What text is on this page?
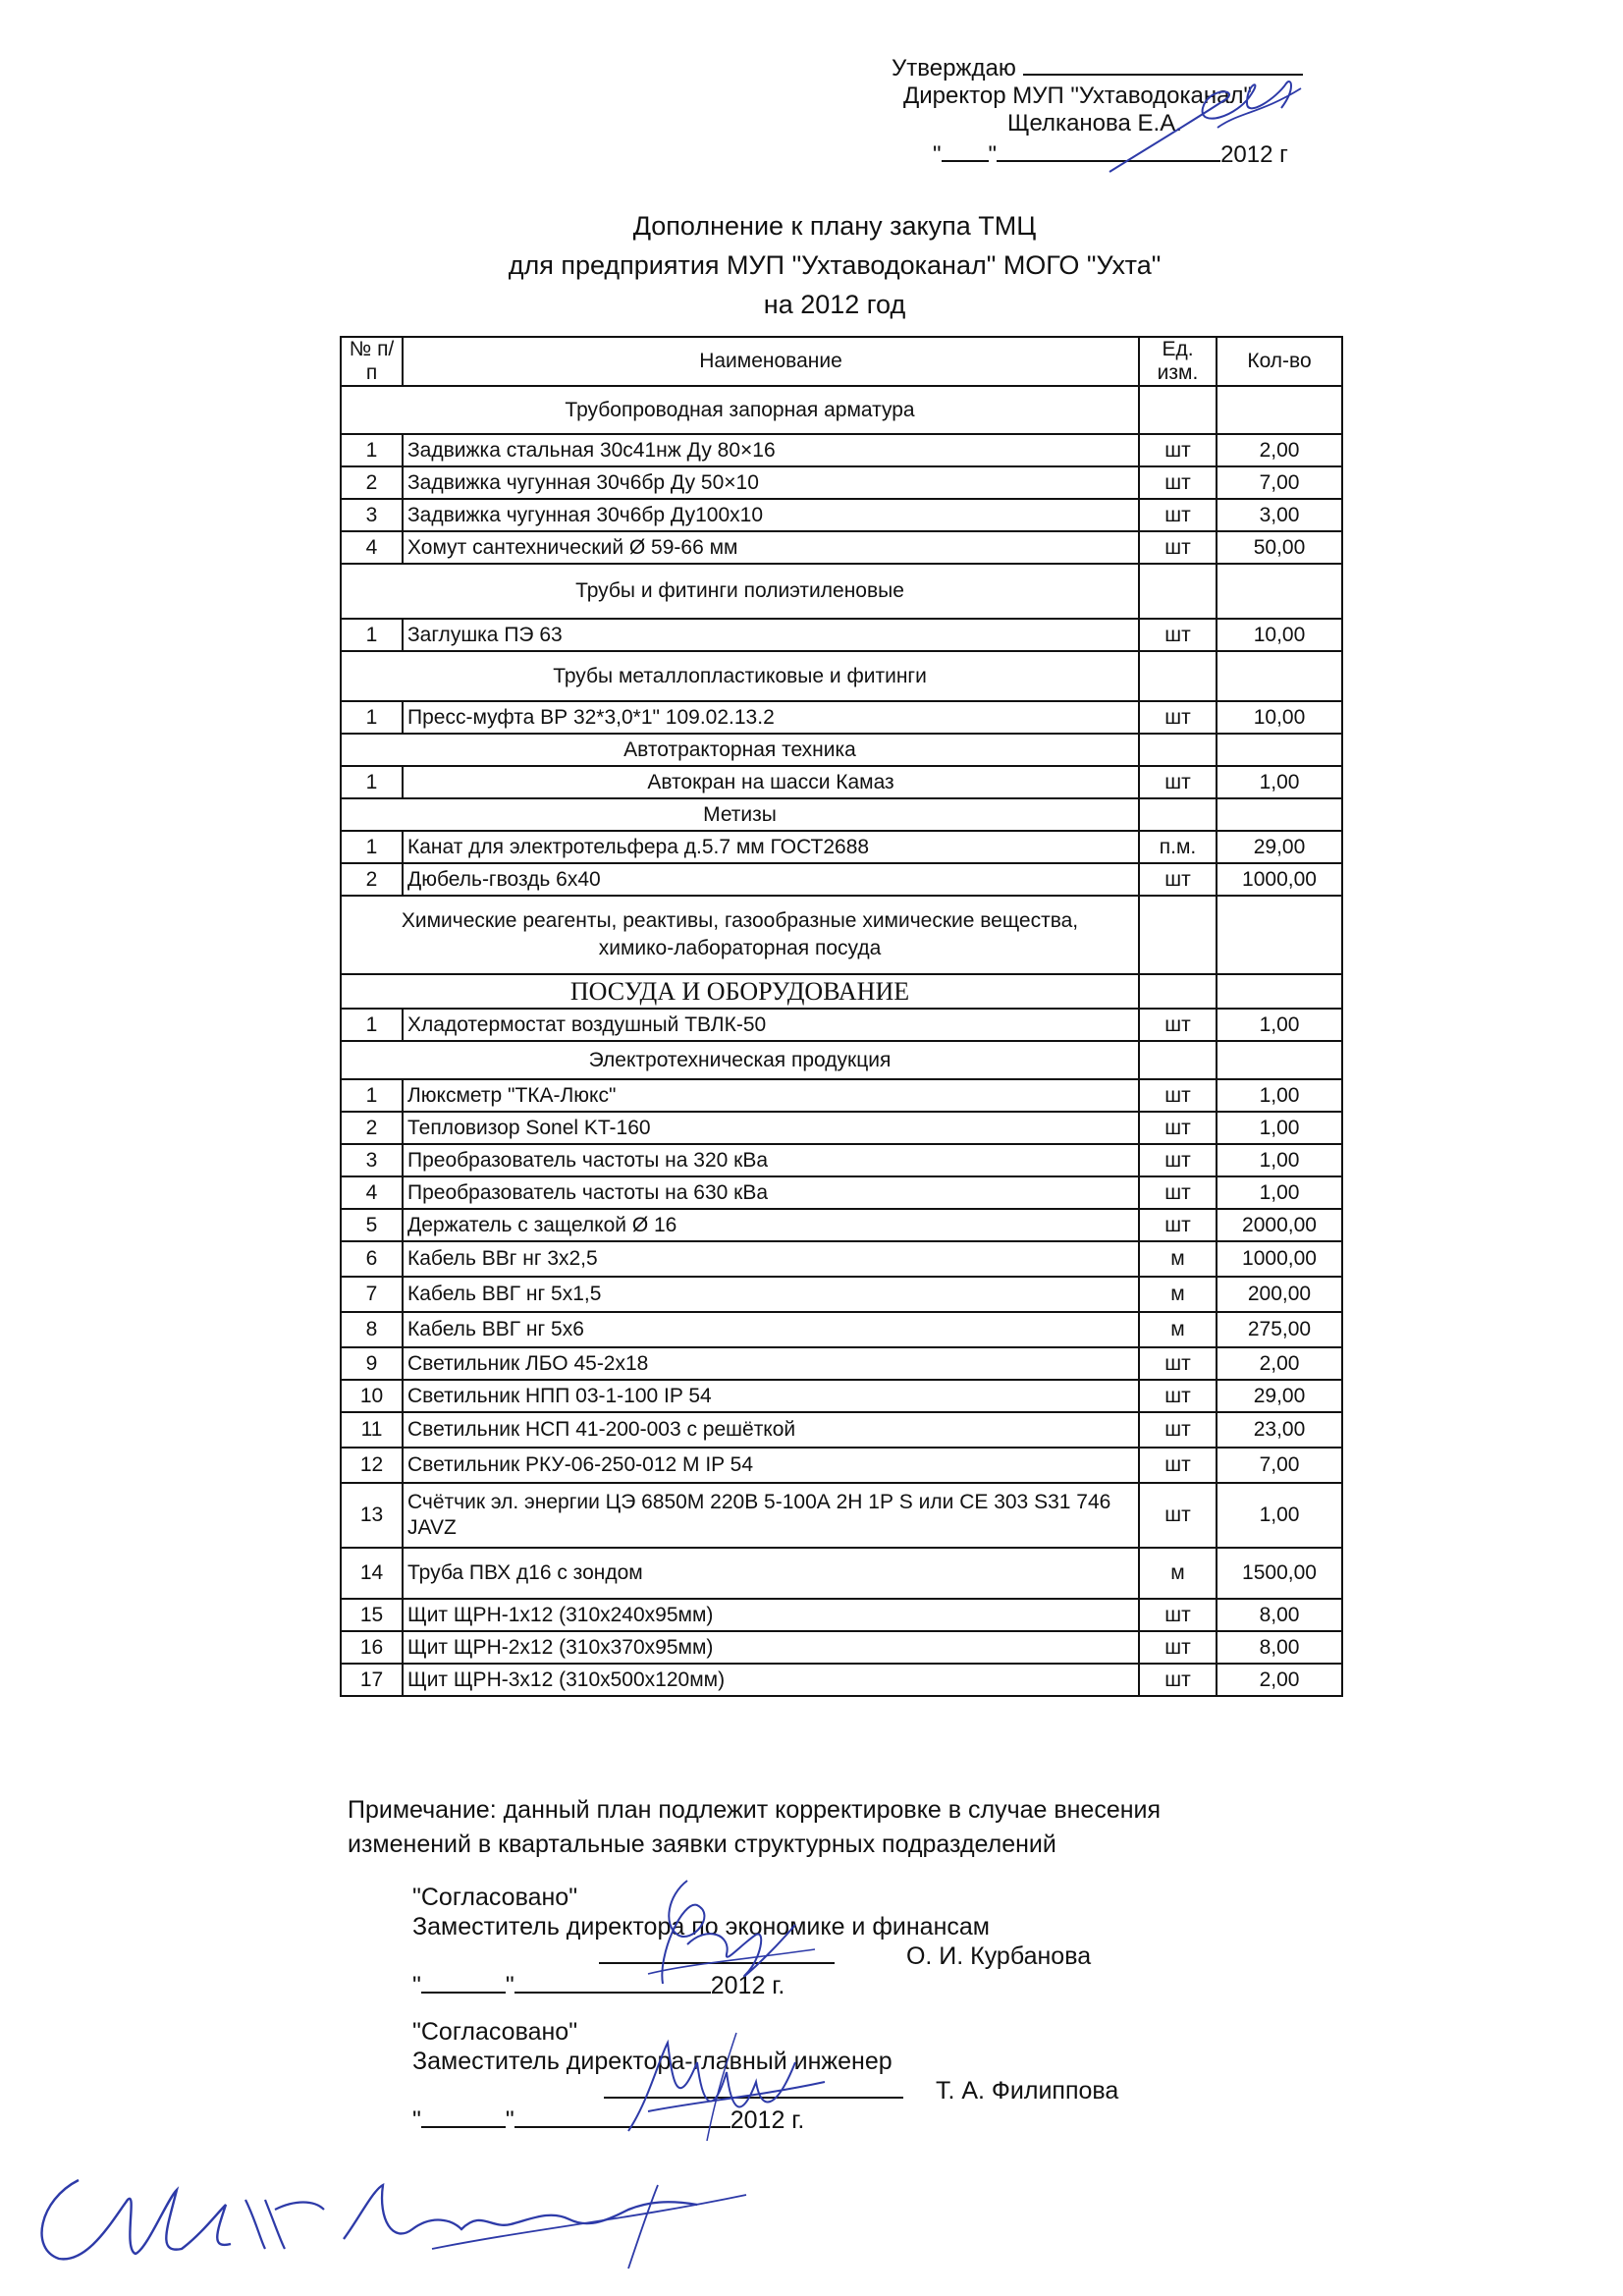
Утверждаю
Директор МУП "Ухтаводоканал"
Щелканова Е.А.
" "	2012 г
Дополнение к плану закупа ТМЦ
для предприятия МУП "Ухтаводоканал" МОГО "Ухта"
на 2012 год
№ п/п	Наименование	Ед. изм.	Кол-во
Трубопроводная запорная арматура			
1	Задвижка стальная 30с41нж Ду 80×16	шт	2,00
2	Задвижка чугунная 30ч6бр Ду 50×10	шт	7,00
3	Задвижка чугунная 30ч6бр Ду100х10	шт	3,00
4	Хомут сантехнический Ø 59-66 мм	шт	50,00
Трубы и фитинги полиэтиленовые			
1	Заглушка ПЭ 63	шт	10,00
Трубы металлопластиковые и фитинги			
1	Пресс-муфта ВР 32*3,0*1" 109.02.13.2	шт	10,00
Автотракторная техника			
1	Автокран на шасси Камаз	шт	1,00
Метизы			
1	Канат для электротельфера д.5.7 мм ГОСТ2688	п.м.	29,00
2	Дюбель-гвоздь 6х40	шт	1000,00
Химические реагенты, реактивы, газообразные химические вещества, химико-лабораторная посуда			
ПОСУДА И ОБОРУДОВАНИЕ			
1	Хладотермостат воздушный ТВЛК-50	шт	1,00
Электротехническая продукция			
1	Люксметр "ТКА-Люкс"	шт	1,00
2	Тепловизор Sonel KT-160	шт	1,00
3	Преобразователь частоты на 320 кВа	шт	1,00
4	Преобразователь частоты на 630 кВа	шт	1,00
5	Держатель с защелкой Ø 16	шт	2000,00
6	Кабель ВВг нг 3х2,5	м	1000,00
7	Кабель ВВГ нг 5х1,5	м	200,00
8	Кабель ВВГ нг 5х6	м	275,00
9	Светильник ЛБО 45-2х18	шт	2,00
10	Светильник НПП 03-1-100 IP 54	шт	29,00
11	Светильник НСП 41-200-003 с решёткой	шт	23,00
12	Светильник РКУ-06-250-012 М IP 54	шт	7,00
13	Счётчик эл. энергии ЦЭ 6850М 220В 5-100А 2Н 1Р S или CE 303 S31 746 JAVZ	шт	1,00
14	Труба ПВХ д16 с зондом	м	1500,00
15	Щит ЩРН-1х12 (310х240х95мм)	шт	8,00
16	Щит ЩРН-2х12 (310х370х95мм)	шт	8,00
17	Щит ЩРН-3х12 (310х500х120мм)	шт	2,00
Примечание: данный план подлежит корректировке в случае внесения
изменений в квартальные заявки структурных подразделений
"Согласовано"
Заместитель директора по экономике и финансам
О. И. Курбанова
"	"	2012 г.
"Согласовано"
Заместитель директора-главный инженер
Т. А. Филиппова
"	"	2012 г.
